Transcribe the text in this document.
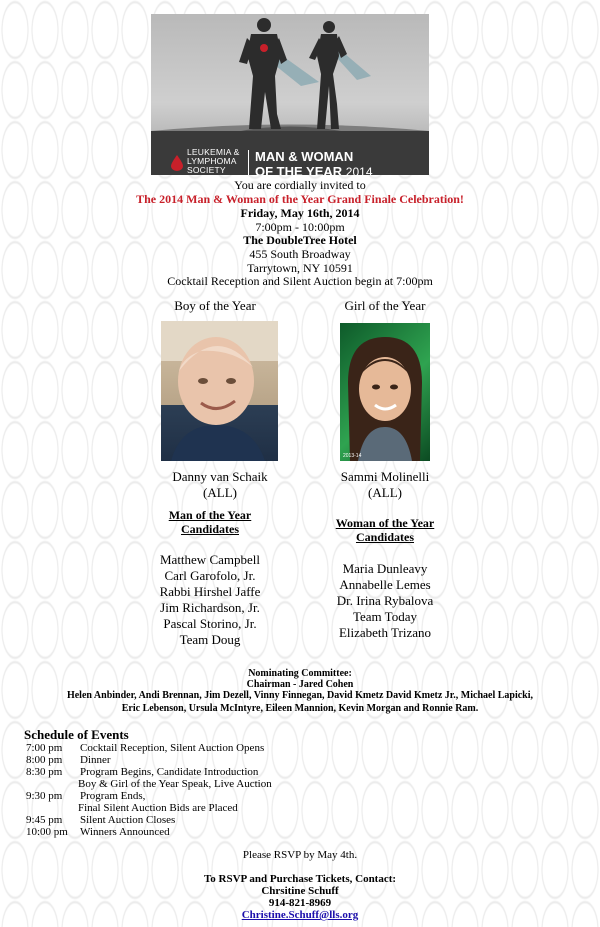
LEUKEMIA &
LYMPHOMA
SOCIETY
MAN & WOMAN
OF THE YEAR 2014
You are cordially invited to
The 2014 Man & Woman of the Year Grand Finale Celebration!
Friday, May 16th, 2014
7:00pm - 10:00pm
The DoubleTree Hotel
455 South Broadway
Tarrytown, NY 10591
Cocktail Reception and Silent Auction begin at 7:00pm
Boy of the Year
Danny van Schaik
(ALL)
Girl of the Year
2013-14
Sammi Molinelli
(ALL)
Man of the Year
Candidates
Matthew Campbell
Carl Garofolo, Jr.
Rabbi Hirshel Jaffe
Jim Richardson, Jr.
Pascal Storino, Jr.
Team Doug
Woman of the Year
Candidates
Maria Dunleavy
Annabelle Lemes
Dr. Irina Rybalova
Team Today
Elizabeth Trizano
Nominating Committee:
Chairman - Jared Cohen
Helen Anbinder, Andi Brennan, Jim Dezell, Vinny Finnegan, David Kmetz David Kmetz Jr., Michael Lapicki,
Eric Lebenson, Ursula McIntyre, Eileen Mannion, Kevin Morgan and Ronnie Ram.
Schedule of Events
7:00 pm Cocktail Reception, Silent Auction Opens
8:00 pm Dinner
8:30 pm Program Begins, Candidate Introduction
Boy & Girl of the Year Speak, Live Auction
9:30 pm Program Ends,
Final Silent Auction Bids are Placed
9:45 pm Silent Auction Closes
10:00 pm Winners Announced
Please RSVP by May 4th.
To RSVP and Purchase Tickets, Contact:
Chrsitine Schuff
914-821-8969
Christine.Schuff@lls.org
